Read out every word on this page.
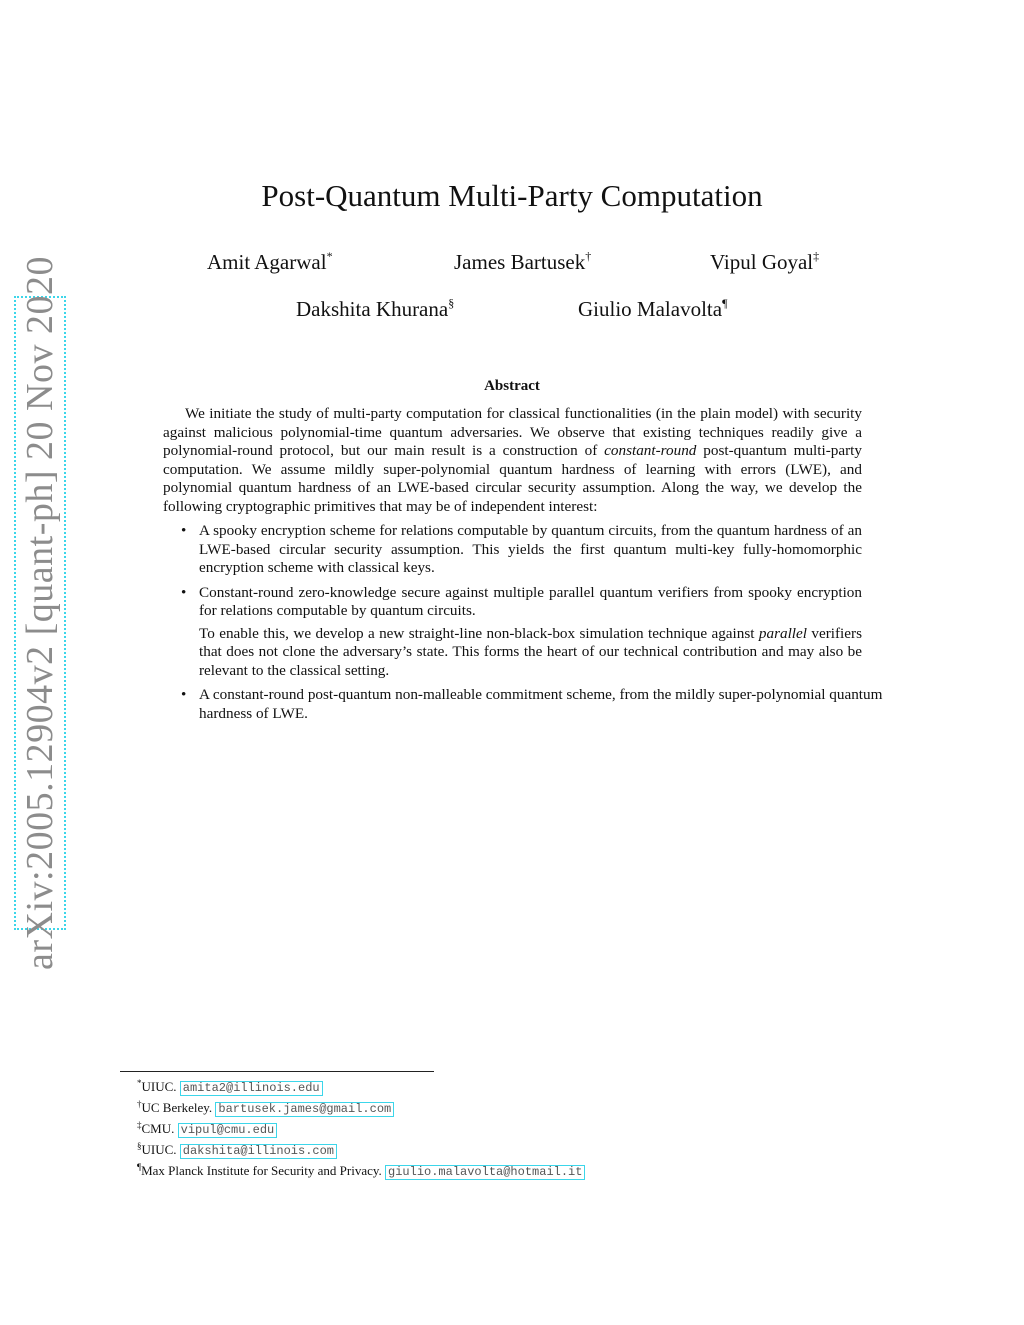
arXiv:2005.12904v2 [quant-ph] 20 Nov 2020
Post-Quantum Multi-Party Computation
Amit Agarwal*	James Bartusek†	Vipul Goyal‡
Dakshita Khurana§	Giulio Malavolta¶
Abstract

We initiate the study of multi-party computation for classical functionalities (in the plain model) with security against malicious polynomial-time quantum adversaries. We observe that existing techniques readily give a polynomial-round protocol, but our main result is a construction of constant-round post-quantum multi-party computation. We assume mildly super-polynomial quantum hardness of learning with errors (LWE), and polynomial quantum hardness of an LWE-based circular security assumption. Along the way, we develop the following cryptographic primitives that may be of independent interest:

• A spooky encryption scheme for relations computable by quantum circuits, from the quantum hardness of an LWE-based circular security assumption. This yields the first quantum multi-key fully-homomorphic encryption scheme with classical keys.
• Constant-round zero-knowledge secure against multiple parallel quantum verifiers from spooky encryption for relations computable by quantum circuits.
To enable this, we develop a new straight-line non-black-box simulation technique against parallel verifiers that does not clone the adversary’s state. This forms the heart of our technical contribution and may also be relevant to the classical setting.
• A constant-round post-quantum non-malleable commitment scheme, from the mildly super-polynomial quantum hardness of LWE.
*UIUC. amita2@illinois.edu
†UC Berkeley. bartusek.james@gmail.com
‡CMU. vipul@cmu.edu
§UIUC. dakshita@illinois.com
¶Max Planck Institute for Security and Privacy. giulio.malavolta@hotmail.it
